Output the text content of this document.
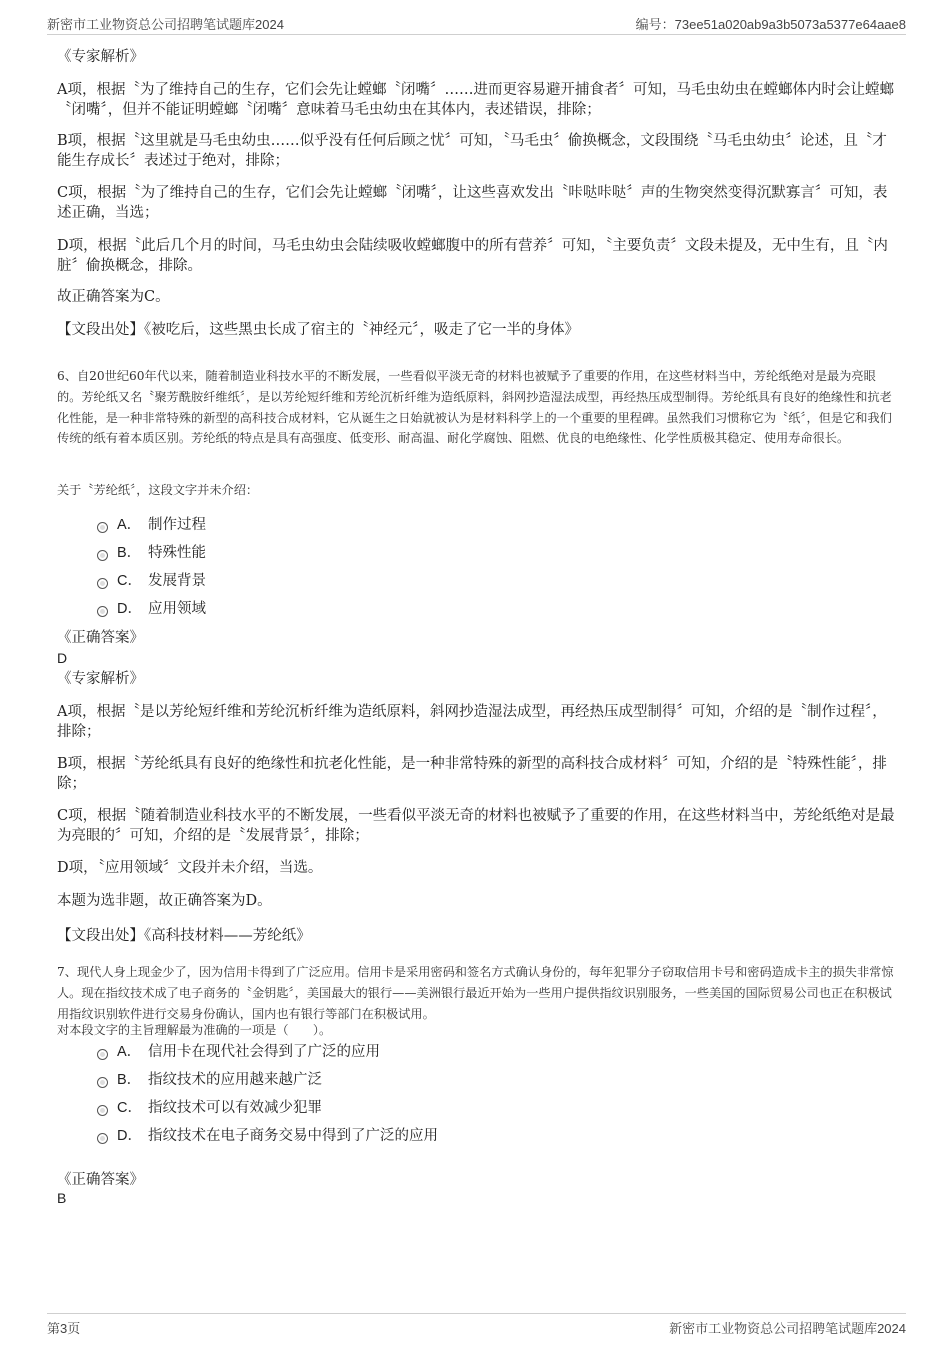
新密市工业物资总公司招聘笔试题库2024	编号：73ee51a020ab9a3b5073a5377e64aae8

《专家解析》

A项，根据〝为了维持自己的生存，它们会先让螳螂〝闭嘴〞……进而更容易避开捕食者〞可知，马毛虫幼虫在螳螂体内时会让螳螂〝闭嘴〞，但并不能证明螳螂〝闭嘴〞意味着马毛虫幼虫在其体内，表述错误，排除；

B项，根据〝这里就是马毛虫幼虫……似乎没有任何后顾之忧〞可知，〝马毛虫〞偷换概念，文段围绕〝马毛虫幼虫〞论述，且〝才能生存成长〞表述过于绝对，排除；

C项，根据〝为了维持自己的生存，它们会先让螳螂〝闭嘴〞，让这些喜欢发出〝咔哒咔哒〞声的生物突然变得沉默寡言〞可知，表述正确，当选；

D项，根据〝此后几个月的时间，马毛虫幼虫会陆续吸收螳螂腹中的所有营养〞可知，〝主要负责〞文段未提及，无中生有，且〝内脏〞偷换概念，排除。

故正确答案为C。

【文段出处】《被吃后，这些黑虫长成了宿主的〝神经元〞，吸走了它一半的身体》

6、自20世纪60年代以来，随着制造业科技水平的不断发展，一些看似平淡无奇的材料也被赋予了重要的作用，在这些材料当中，芳纶纸绝对是最为亮眼的。芳纶纸又名〝聚芳酰胺纤维纸〞，是以芳纶短纤维和芳纶沉析纤维为造纸原料，斜网抄造湿法成型，再经热压成型制得。芳纶纸具有良好的绝缘性和抗老化性能，是一种非常特殊的新型的高科技合成材料，它从诞生之日始就被认为是材料科学上的一个重要的里程碑。虽然我们习惯称它为〝纸〞，但是它和我们传统的纸有着本质区别。芳纶纸的特点是具有高强度、低变形、耐高温、耐化学腐蚀、阻燃、优良的电绝缘性、化学性质极其稳定、使用寿命很长。

关于〝芳纶纸〞，这段文字并未介绍：

A． 制作过程
B． 特殊性能
C． 发展背景
D． 应用领域

《正确答案》

D

《专家解析》

A项，根据〝是以芳纶短纤维和芳纶沉析纤维为造纸原料，斜网抄造湿法成型，再经热压成型制得〞可知，介绍的是〝制作过程〞，排除；

B项，根据〝芳纶纸具有良好的绝缘性和抗老化性能，是一种非常特殊的新型的高科技合成材料〞可知，介绍的是〝特殊性能〞，排除；

C项，根据〝随着制造业科技水平的不断发展，一些看似平淡无奇的材料也被赋予了重要的作用，在这些材料当中，芳纶纸绝对是最为亮眼的〞可知，介绍的是〝发展背景〞，排除；

D项，〝应用领域〞文段并未介绍，当选。

本题为选非题，故正确答案为D。

【文段出处】《高科技材料——芳纶纸》

7、现代人身上现金少了，因为信用卡得到了广泛应用。信用卡是采用密码和签名方式确认身份的，每年犯罪分子窃取信用卡号和密码造成卡主的损失非常惊人。现在指纹技术成了电子商务的〝金钥匙〞，美国最大的银行——美洲银行最近开始为一些用户提供指纹识别服务，一些美国的国际贸易公司也正在积极试用指纹识别软件进行交易身份确认，国内也有银行等部门在积极试用。

对本段文字的主旨理解最为准确的一项是（　　）。

A． 信用卡在现代社会得到了广泛的应用
B． 指纹技术的应用越来越广泛
C． 指纹技术可以有效减少犯罪
D． 指纹技术在电子商务交易中得到了广泛的应用

《正确答案》

B

第3页	新密市工业物资总公司招聘笔试题库2024
